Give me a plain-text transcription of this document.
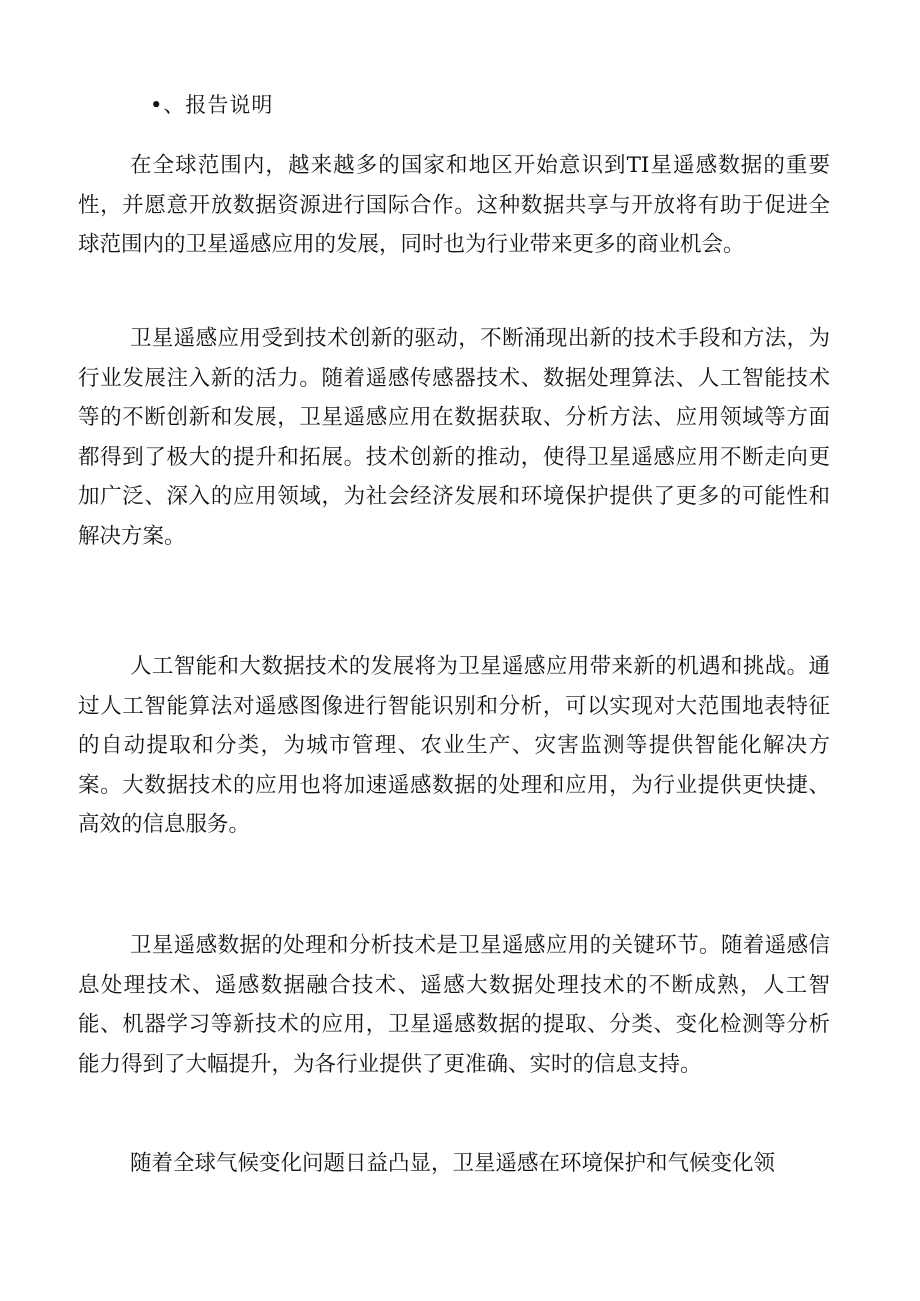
•、报告说明

在全球范围内，越来越多的国家和地区开始意识到TI星遥感数据的重要性，并愿意开放数据资源进行国际合作。这种数据共享与开放将有助于促进全球范围内的卫星遥感应用的发展，同时也为行业带来更多的商业机会。

卫星遥感应用受到技术创新的驱动，不断涌现出新的技术手段和方法，为行业发展注入新的活力。随着遥感传感器技术、数据处理算法、人工智能技术等的不断创新和发展，卫星遥感应用在数据获取、分析方法、应用领域等方面都得到了极大的提升和拓展。技术创新的推动，使得卫星遥感应用不断走向更加广泛、深入的应用领域，为社会经济发展和环境保护提供了更多的可能性和解决方案。

人工智能和大数据技术的发展将为卫星遥感应用带来新的机遇和挑战。通过人工智能算法对遥感图像进行智能识别和分析，可以实现对大范围地表特征的自动提取和分类，为城市管理、农业生产、灾害监测等提供智能化解决方案。大数据技术的应用也将加速遥感数据的处理和应用，为行业提供更快捷、高效的信息服务。

卫星遥感数据的处理和分析技术是卫星遥感应用的关键环节。随着遥感信息处理技术、遥感数据融合技术、遥感大数据处理技术的不断成熟，人工智能、机器学习等新技术的应用，卫星遥感数据的提取、分类、变化检测等分析能力得到了大幅提升，为各行业提供了更准确、实时的信息支持。

随着全球气候变化问题日益凸显，卫星遥感在环境保护和气候变化领
